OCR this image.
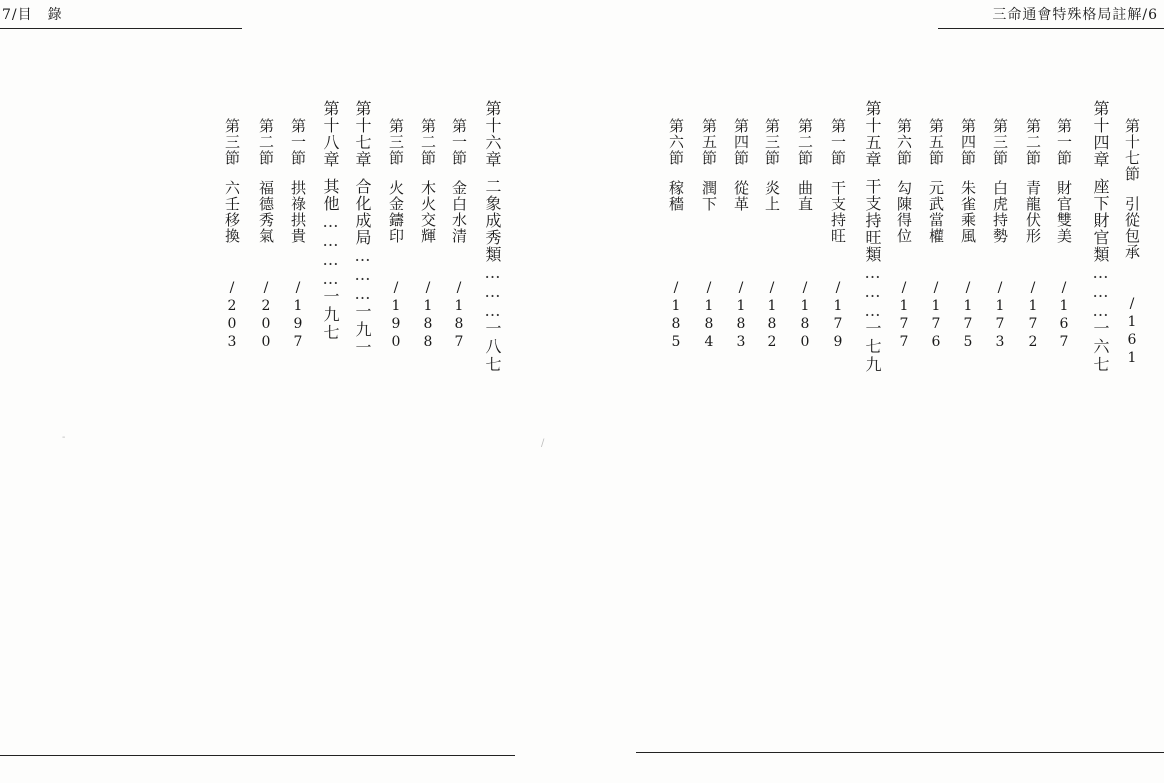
7/目　錄	三命通會特殊格局註解/6
第十七節引從包承/161
第十四章座下財官類………一六七
第一節財官雙美/167
第二節青龍伏形/172
第三節白虎持勢/173
第四節朱雀乘風/175
第五節元武當權/176
第六節勾陳得位/177
第十五章干支持旺類………一七九
第一節干支持旺/179
第二節曲直/180
第三節炎上/182
第四節從革/183
第五節潤下/184
第六節稼穡/185
第十六章二象成秀類………一八七
第一節金白水清/187
第二節木火交輝/188
第三節火金鑄印/190
第十七章合化成局………一九一
第十八章其他…………一九七
第一節拱祿拱貴/197
第二節福德秀氣/200
第三節六壬移換/203
-
/
